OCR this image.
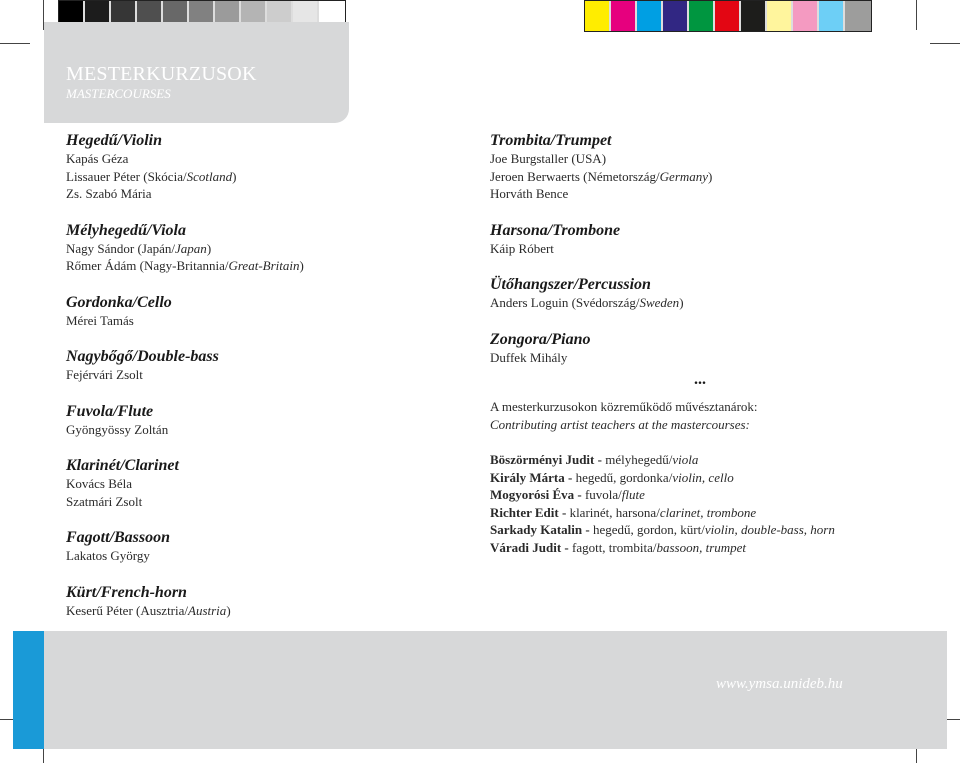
MESTERKURZUSOK
MASTERCOURSES
Hegedű/Violin
Kapás Géza
Lissauer Péter (Skócia/Scotland)
Zs. Szabó Mária
Mélyhegedű/Viola
Nagy Sándor (Japán/Japan)
Rőmer Ádám (Nagy-Britannia/Great-Britain)
Gordonka/Cello
Mérei Tamás
Nagybőgő/Double-bass
Fejérvári Zsolt
Fuvola/Flute
Gyöngyössy Zoltán
Klarinét/Clarinet
Kovács Béla
Szatmári Zsolt
Fagott/Bassoon
Lakatos György
Kürt/French-horn
Keserű Péter (Ausztria/Austria)
Trombita/Trumpet
Joe Burgstaller (USA)
Jeroen Berwaerts (Németország/Germany)
Horváth Bence
Harsona/Trombone
Káip Róbert
Ütőhangszer/Percussion
Anders Loguin (Svédország/Sweden)
Zongora/Piano
Duffek Mihály
...
A mesterkurzusokon közreműködő művésztanárok:
Contributing artist teachers at the mastercourses:
Böszörményi Judit - mélyhegedű/viola
Király Márta - hegedű, gordonka/violin, cello
Mogyorósi Éva - fuvola/flute
Richter Edit - klarinét, harsona/clarinet, trombone
Sarkady Katalin - hegedű, gordon, kürt/violin, double-bass, horn
Váradi Judit - fagott, trombita/bassoon, trumpet
www.ymsa.unideb.hu
